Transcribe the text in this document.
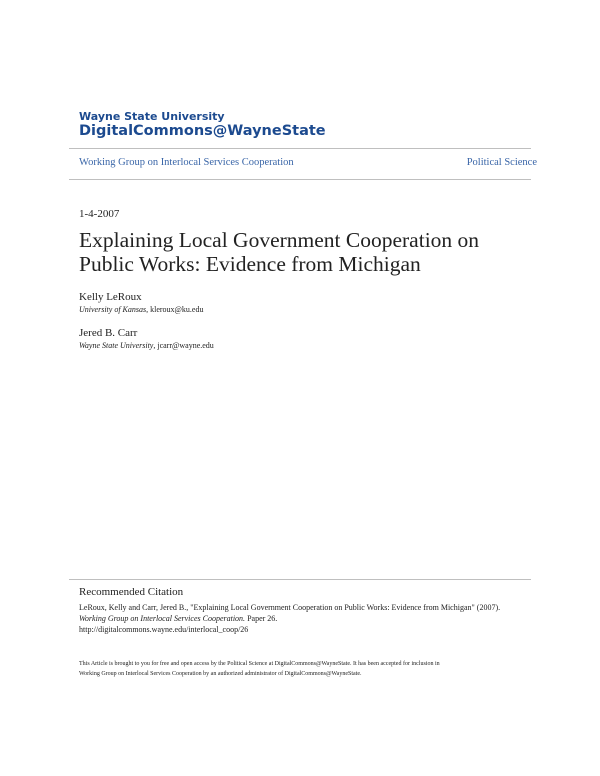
Wayne State University
DigitalCommons@WayneState
Working Group on Interlocal Services Cooperation	Political Science
1-4-2007
Explaining Local Government Cooperation on
Public Works: Evidence from Michigan
Kelly LeRoux
University of Kansas, kleroux@ku.edu
Jered B. Carr
Wayne State University, jcarr@wayne.edu
Recommended Citation
LeRoux, Kelly and Carr, Jered B., "Explaining Local Government Cooperation on Public Works: Evidence from Michigan" (2007).
Working Group on Interlocal Services Cooperation. Paper 26.
http://digitalcommons.wayne.edu/interlocal_coop/26
This Article is brought to you for free and open access by the Political Science at DigitalCommons@WayneState. It has been accepted for inclusion in
Working Group on Interlocal Services Cooperation by an authorized administrator of DigitalCommons@WayneState.
